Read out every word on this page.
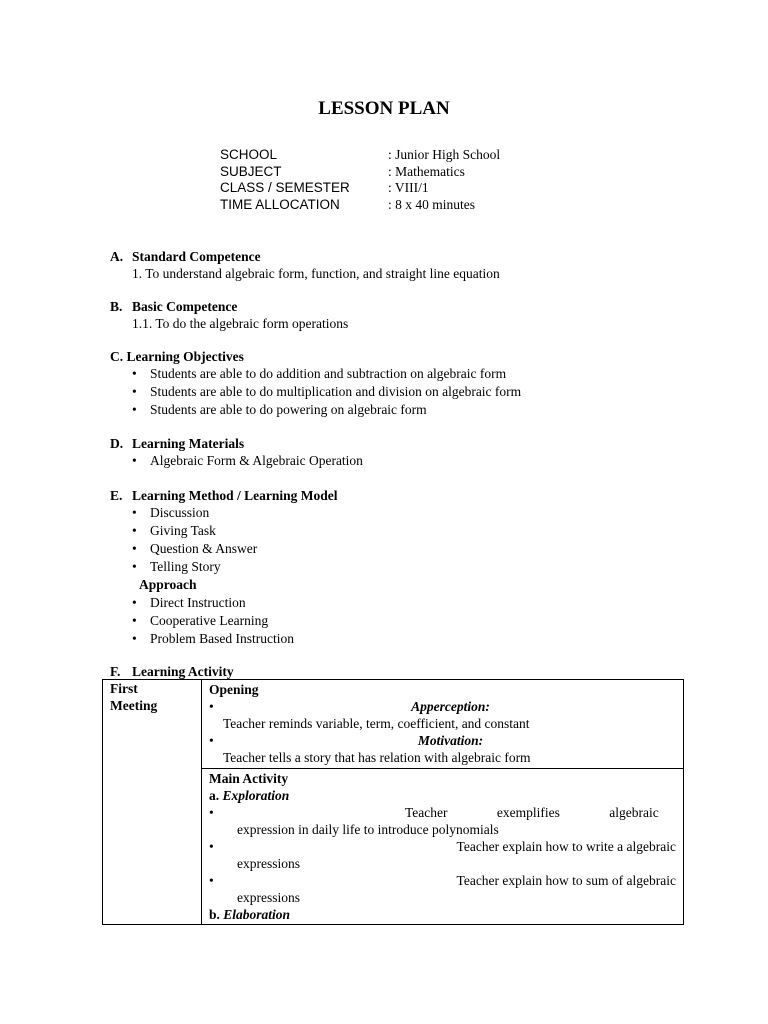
LESSON PLAN
SCHOOL	: Junior High School
SUBJECT	: Mathematics
CLASS / SEMESTER	: VIII/1
TIME ALLOCATION	: 8 x 40 minutes
A. Standard Competence
1. To understand algebraic form, function, and straight line equation
B. Basic Competence
1.1. To do the algebraic form operations
C. Learning Objectives
• Students are able to do addition and subtraction on algebraic form
• Students are able to do multiplication and division on algebraic form
• Students are able to do powering on algebraic form
D. Learning Materials
• Algebraic Form & Algebraic Operation
E. Learning Method / Learning Model
• Discussion
• Giving Task
• Question & Answer
• Telling Story
Approach
• Direct Instruction
• Cooperative Learning
• Problem Based Instruction
F. Learning Activity
First
Meeting

Opening
•	Apperception:
Teacher reminds variable, term, coefficient, and constant
•	Motivation:
Teacher tells a story that has relation with algebraic form

Main Activity
a. Exploration
•	Teacher exemplifies algebraic
expression in daily life to introduce polynomials
•	Teacher explain how to write a algebraic
expressions
•	Teacher explain how to sum of algebraic
expressions
b. Elaboration
